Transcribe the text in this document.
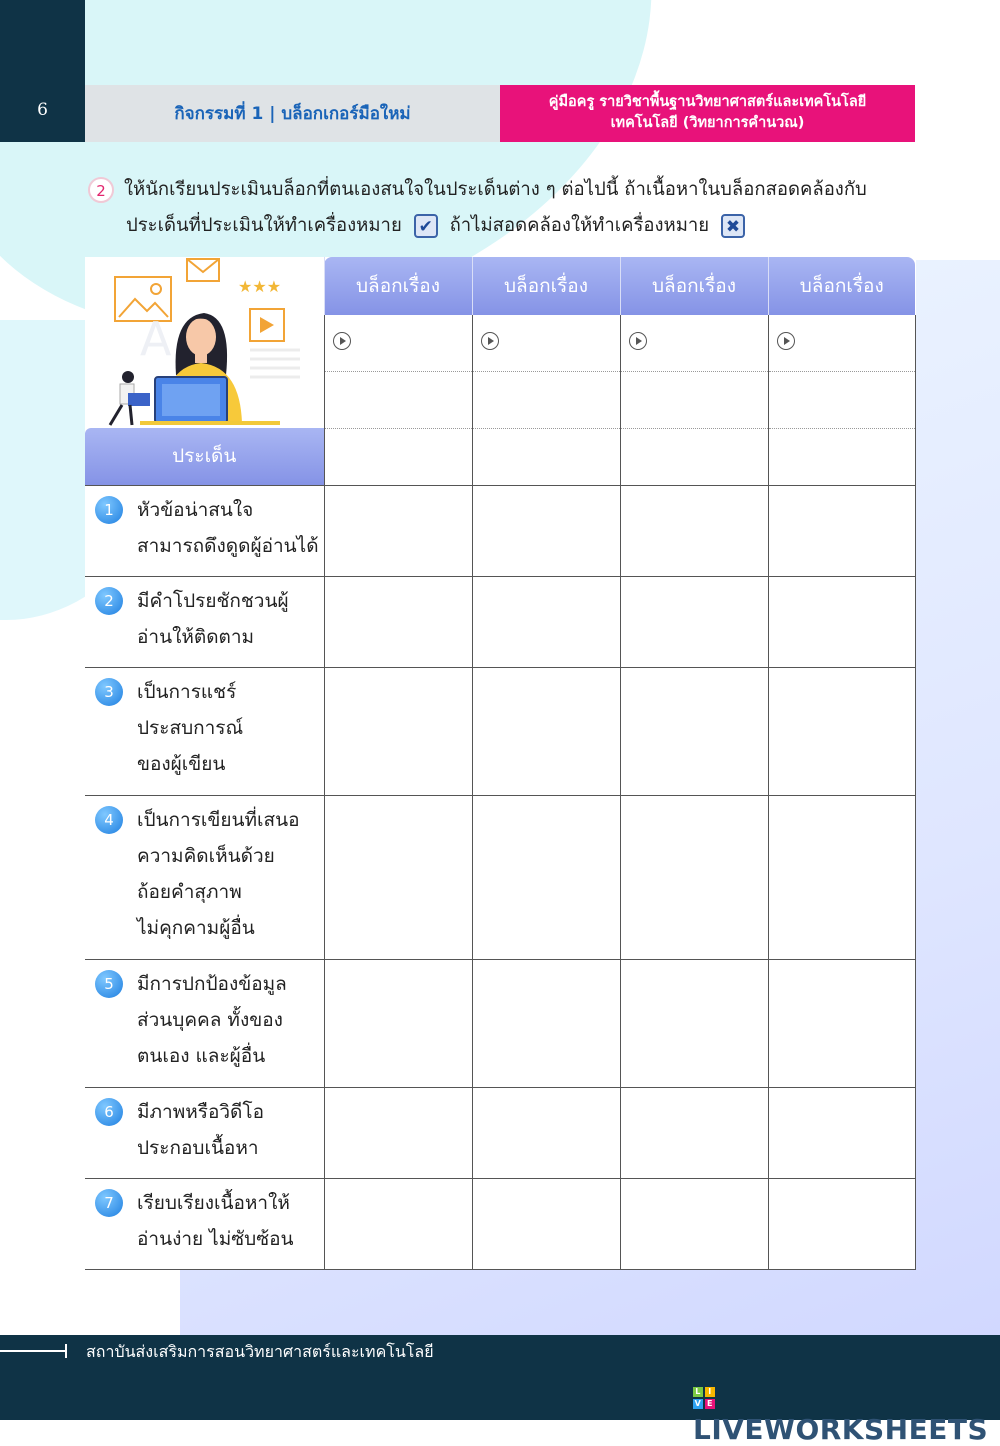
6	กิจกรรมที่ 1 | บล็อกเกอร์มือใหม่
คู่มือครู รายวิชาพื้นฐานวิทยาศาสตร์และเทคโนโลยี
เทคโนโลยี (วิทยาการคำนวณ)
2 ให้นักเรียนประเมินบล็อกที่ตนเองสนใจในประเด็นต่าง ๆ ต่อไปนี้ ถ้าเนื้อหาในบล็อกสอดคล้องกับ
ประเด็นที่ประเมินให้ทำเครื่องหมาย ✔ ถ้าไม่สอดคล้องให้ทำเครื่องหมาย ✖
	บล็อกเรื่อง	บล็อกเรื่อง	บล็อกเรื่อง	บล็อกเรื่อง

ประเด็น				

1 หัวข้อน่าสนใจ
สามารถดึงดูดผู้อ่านได้				

2 มีคำโปรยชักชวนผู้
อ่านให้ติดตาม				

3 เป็นการแชร์
ประสบการณ์
ของผู้เขียน				

4 เป็นการเขียนที่เสนอ
ความคิดเห็นด้วย
ถ้อยคำสุภาพ
ไม่คุกคามผู้อื่น				

5 มีการปกป้องข้อมูล
ส่วนบุคคล ทั้งของ
ตนเอง และผู้อื่น				

6 มีภาพหรือวิดีโอ
ประกอบเนื้อหา				

7 เรียบเรียงเนื้อหาให้
อ่านง่าย ไม่ซับซ้อน				

★★★
A
สถาบันส่งเสริมการสอนวิทยาศาสตร์และเทคโนโลยี
L I
V E
LIVEWORKSHEETS
